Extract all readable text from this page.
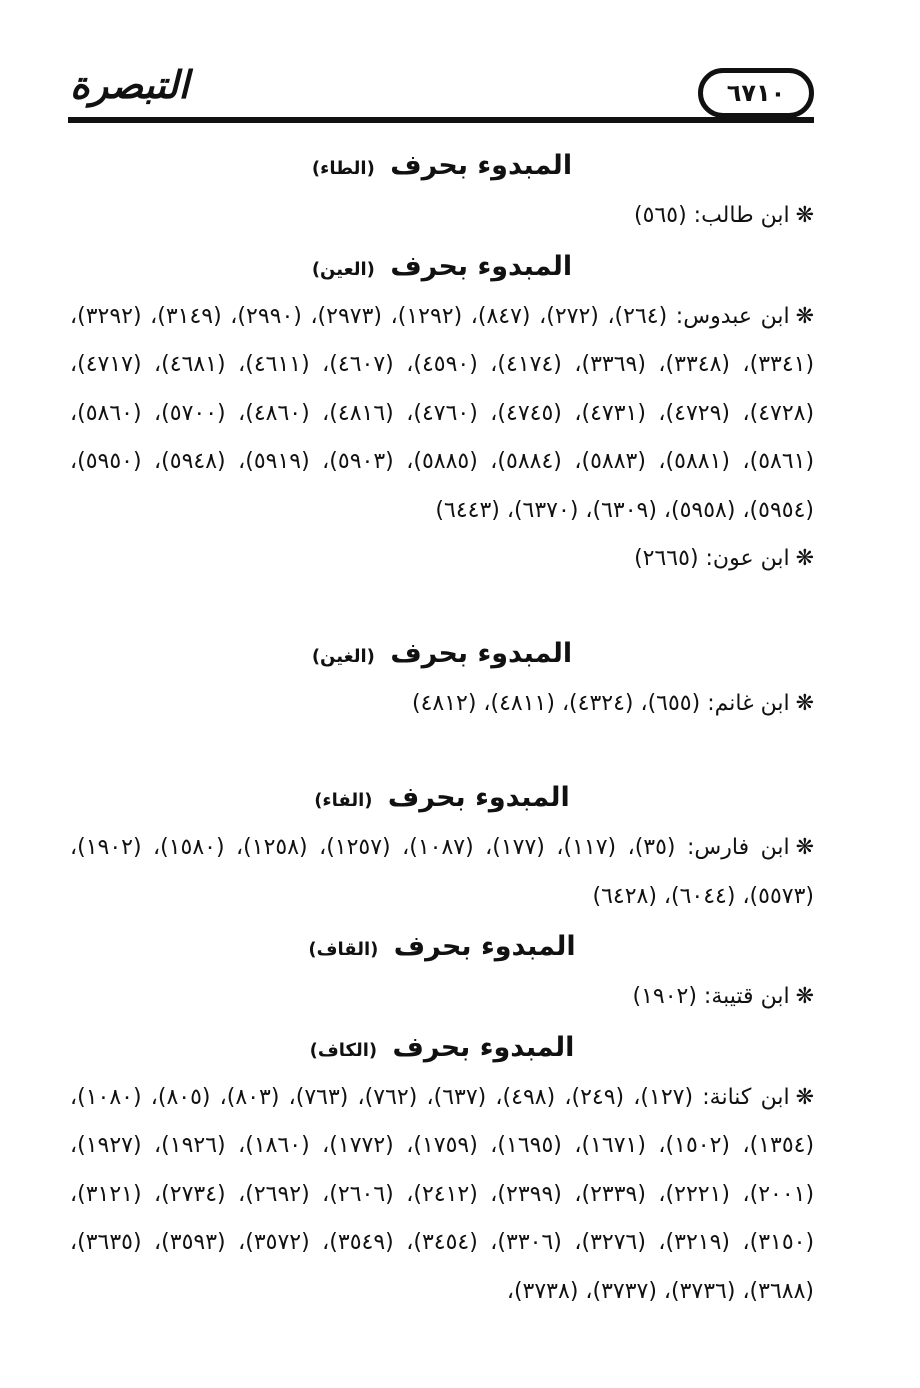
التبصرة	٦٧١٠
المبدوء بحرف (الطاء)
❋ابن طالب: (٥٦٥)
المبدوء بحرف (العين)
❋ابن عبدوس: (٢٦٤)، (٢٧٢)، (٨٤٧)، (١٢٩٢)، (٢٩٧٣)، (٢٩٩٠)، (٣١٤٩)، (٣٢٩٢)، (٣٣٤١)، (٣٣٤٨)، (٣٣٦٩)، (٤١٧٤)، (٤٥٩٠)، (٤٦٠٧)، (٤٦١١)، (٤٦٨١)، (٤٧١٧)، (٤٧٢٨)، (٤٧٢٩)، (٤٧٣١)، (٤٧٤٥)، (٤٧٦٠)، (٤٨١٦)، (٤٨٦٠)، (٥٧٠٠)، (٥٨٦٠)، (٥٨٦١)، (٥٨٨١)، (٥٨٨٣)، (٥٨٨٤)، (٥٨٨٥)، (٥٩٠٣)، (٥٩١٩)، (٥٩٤٨)، (٥٩٥٠)، (٥٩٥٤)، (٥٩٥٨)، (٦٣٠٩)، (٦٣٧٠)، (٦٤٤٣)
❋ابن عون: (٢٦٦٥)
المبدوء بحرف (الغين)
❋ابن غانم: (٦٥٥)، (٤٣٢٤)، (٤٨١١)، (٤٨١٢)
المبدوء بحرف (الفاء)
❋ابن فارس: (٣٥)، (١١٧)، (١٧٧)، (١٠٨٧)، (١٢٥٧)، (١٢٥٨)، (١٥٨٠)، (١٩٠٢)، (٥٥٧٣)، (٦٠٤٤)، (٦٤٢٨)
المبدوء بحرف (القاف)
❋ابن قتيبة: (١٩٠٢)
المبدوء بحرف (الكاف)
❋ابن كنانة: (١٢٧)، (٢٤٩)، (٤٩٨)، (٦٣٧)، (٧٦٢)، (٧٦٣)، (٨٠٣)، (٨٠٥)، (١٠٨٠)، (١٣٥٤)، (١٥٠٢)، (١٦٧١)، (١٦٩٥)، (١٧٥٩)، (١٧٧٢)، (١٨٦٠)، (١٩٢٦)، (١٩٢٧)، (٢٠٠١)، (٢٢٢١)، (٢٣٣٩)، (٢٣٩٩)، (٢٤١٢)، (٢٦٠٦)، (٢٦٩٢)، (٢٧٣٤)، (٣١٢١)، (٣١٥٠)، (٣٢١٩)، (٣٢٧٦)، (٣٣٠٦)، (٣٤٥٤)، (٣٥٤٩)، (٣٥٧٢)، (٣٥٩٣)، (٣٦٣٥)، (٣٦٨٨)، (٣٧٣٦)، (٣٧٣٧)، (٣٧٣٨)،
